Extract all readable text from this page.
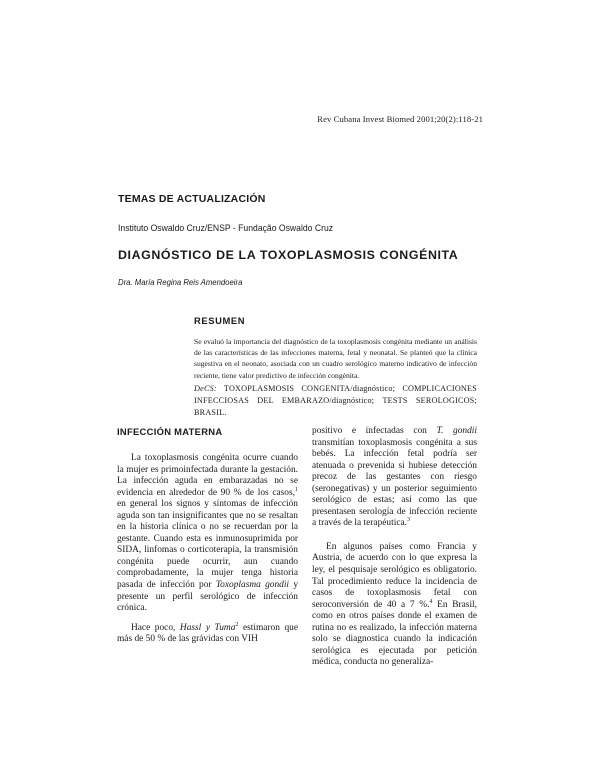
Rev Cubana Invest Biomed 2001;20(2):118-21
TEMAS DE ACTUALIZACIÓN
Instituto Oswaldo Cruz/ENSP - Fundação Oswaldo Cruz
DIAGNÓSTICO DE LA TOXOPLASMOSIS CONGÉNITA
Dra. María Regina Reis Amendoeira
RESUMEN
Se evaluó la importancia del diagnóstico de la toxoplasmosis congénita mediante un análisis de las características de las infecciones materna, fetal y neonatal. Se planteó que la clínica sugestiva en el neonato, asociada con un cuadro serológico materno indicativo de infección reciente, tiene valor predictivo de infección congénita.
DeCS: TOXOPLASMOSIS CONGENITA/diagnóstico; COMPLICACIONES INFECCIOSAS DEL EMBARAZO/diagnóstico; TESTS SEROLOGICOS; BRASIL.
INFECCIÓN MATERNA

La toxoplasmosis congénita ocurre cuando la mujer es primoinfectada durante la gestación. La infección aguda en embarazadas no se evidencia en alrededor de 90 % de los casos,$^1$ en general los signos y síntomas de infección aguda son tan insignificantes que no se resaltan en la historia clínica o no se recuerdan por la gestante. Cuando esta es inmunosuprimida por SIDA, linfomas o corticoterapia, la transmisión congénita puede ocurrir, aun cuando comprobadamente, la mujer tenga historia pasada de infección por Toxoplasma gondii y presente un perfil serológico de infección crónica.

Hace poco, Hassl y Tuma$^2$ estimaron que más de 50 % de las grávidas con VIH

positivo e infectadas con T. gondii transmitían toxoplasmosis congénita a sus bebés. La infección fetal podría ser atenuada o prevenida si hubiese detección precoz de las gestantes con riesgo (seronegativas) y un posterior seguimiento serológico de estas; así como las que presentasen serología de infección reciente a través de la terapéutica.$^3$

En algunos países como Francia y Austria, de acuerdo con lo que expresa la ley, el pesquisaje serológico es obligatorio. Tal procedimiento reduce la incidencia de casos de toxoplasmosis fetal con seroconversión de 40 a 7 %.$^4$ En Brasil, como en otros países donde el examen de rutina no es realizado, la infección materna solo se diagnostica cuando la indicación serológica es ejecutada por petición médica, conducta no generaliza-
